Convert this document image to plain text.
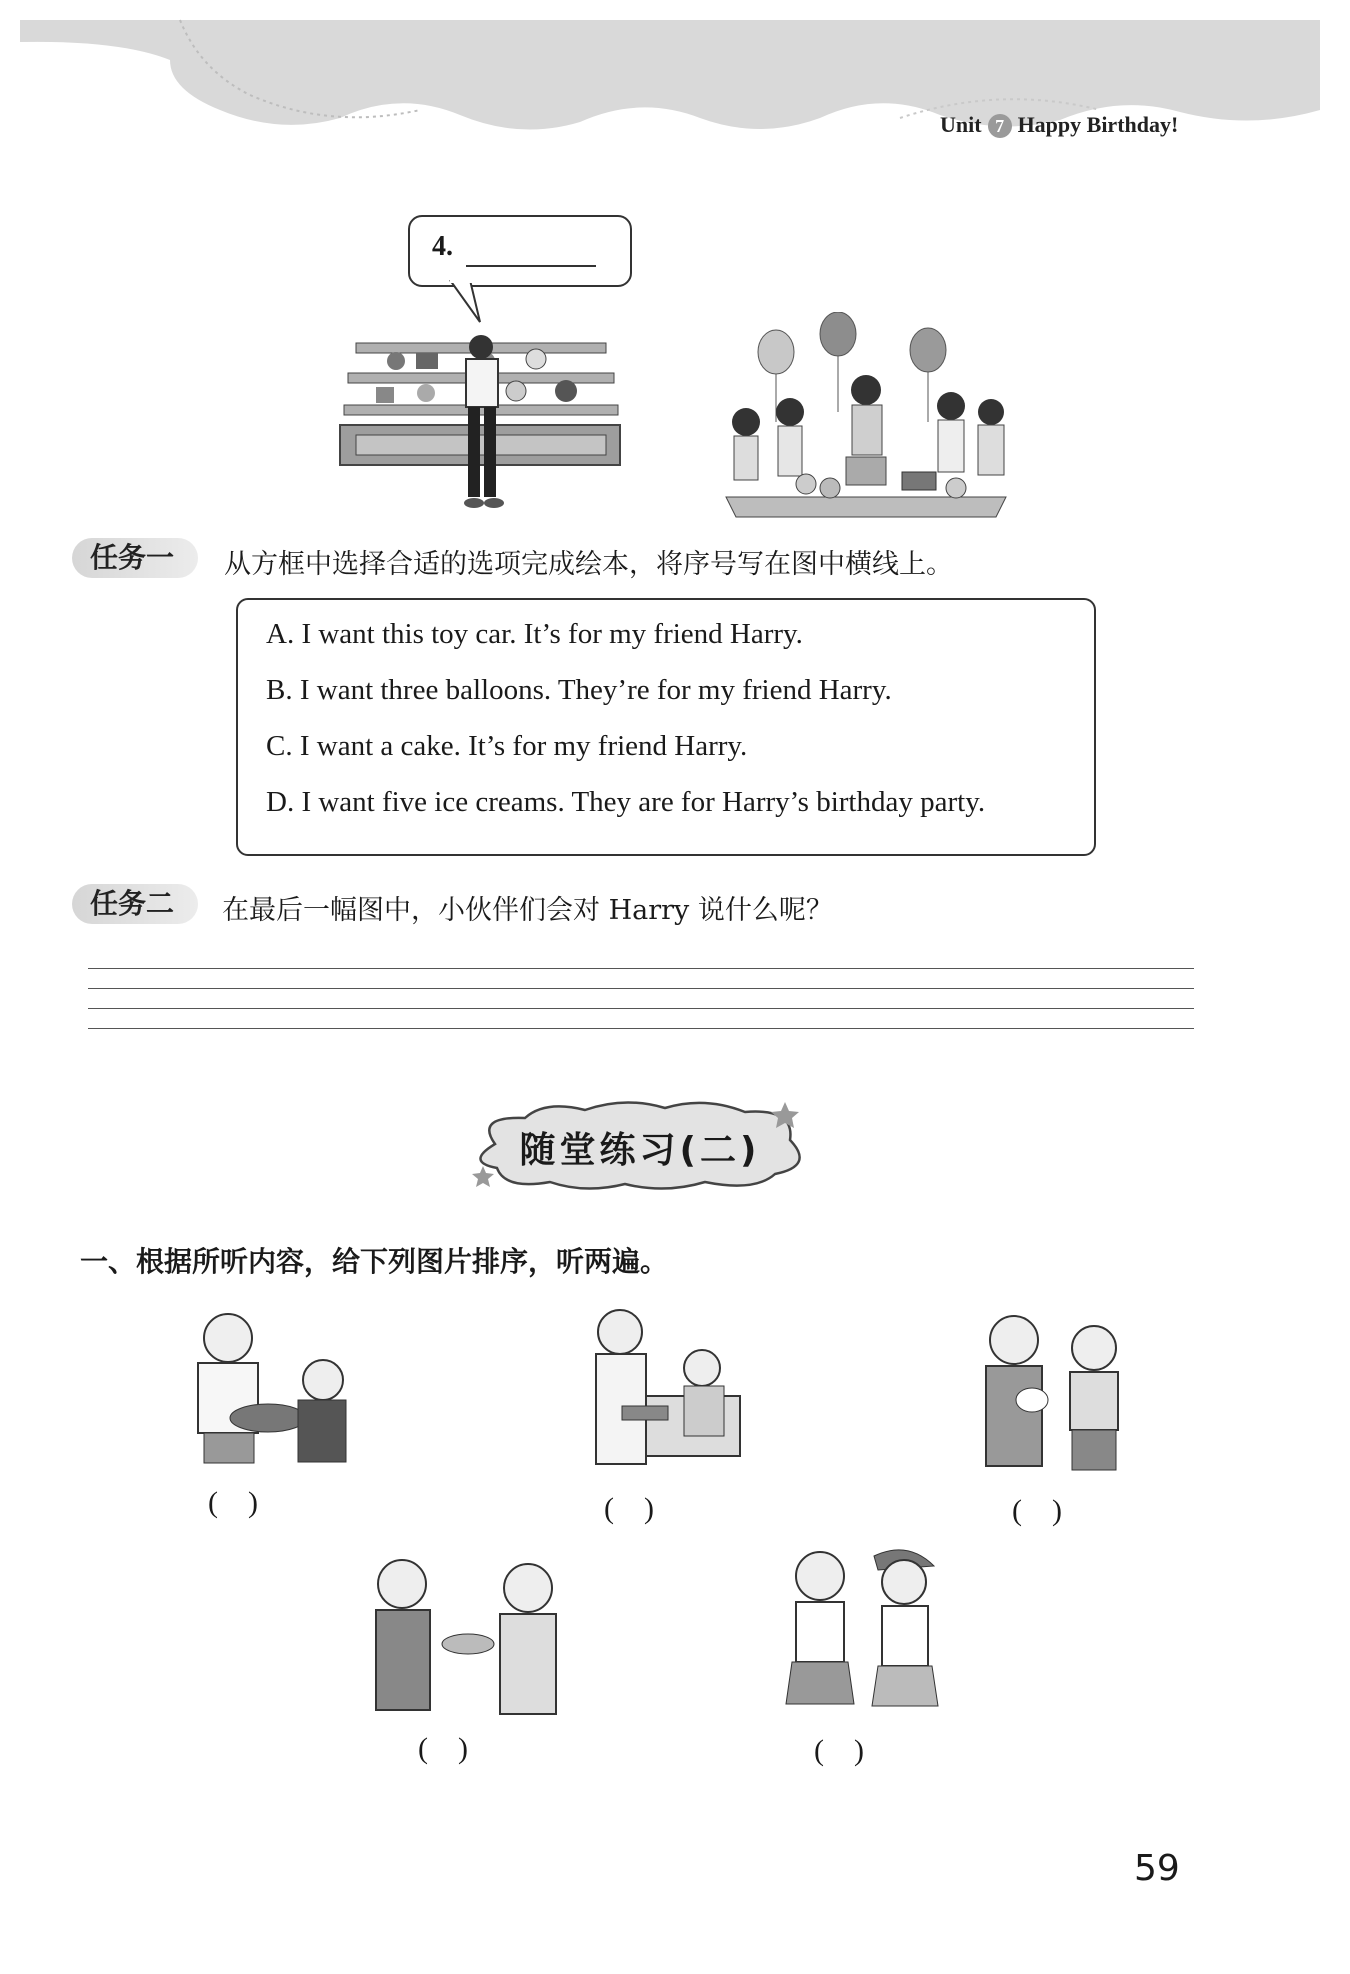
Unit 7 Happy Birthday!
4.
任务一	从方框中选择合适的选项完成绘本，将序号写在图中横线上。
A. I want this toy car. It’s for my friend Harry.
B. I want three balloons. They’re for my friend Harry.
C. I want a cake. It’s for my friend Harry.
D. I want five ice creams. They are for Harry’s birthday party.
任务二	在最后一幅图中，小伙伴们会对 Harry 说什么呢？
随堂练习(二)
一、根据所听内容，给下列图片排序，听两遍。
(    )	(    )	(    )
(    )	(    )
59
